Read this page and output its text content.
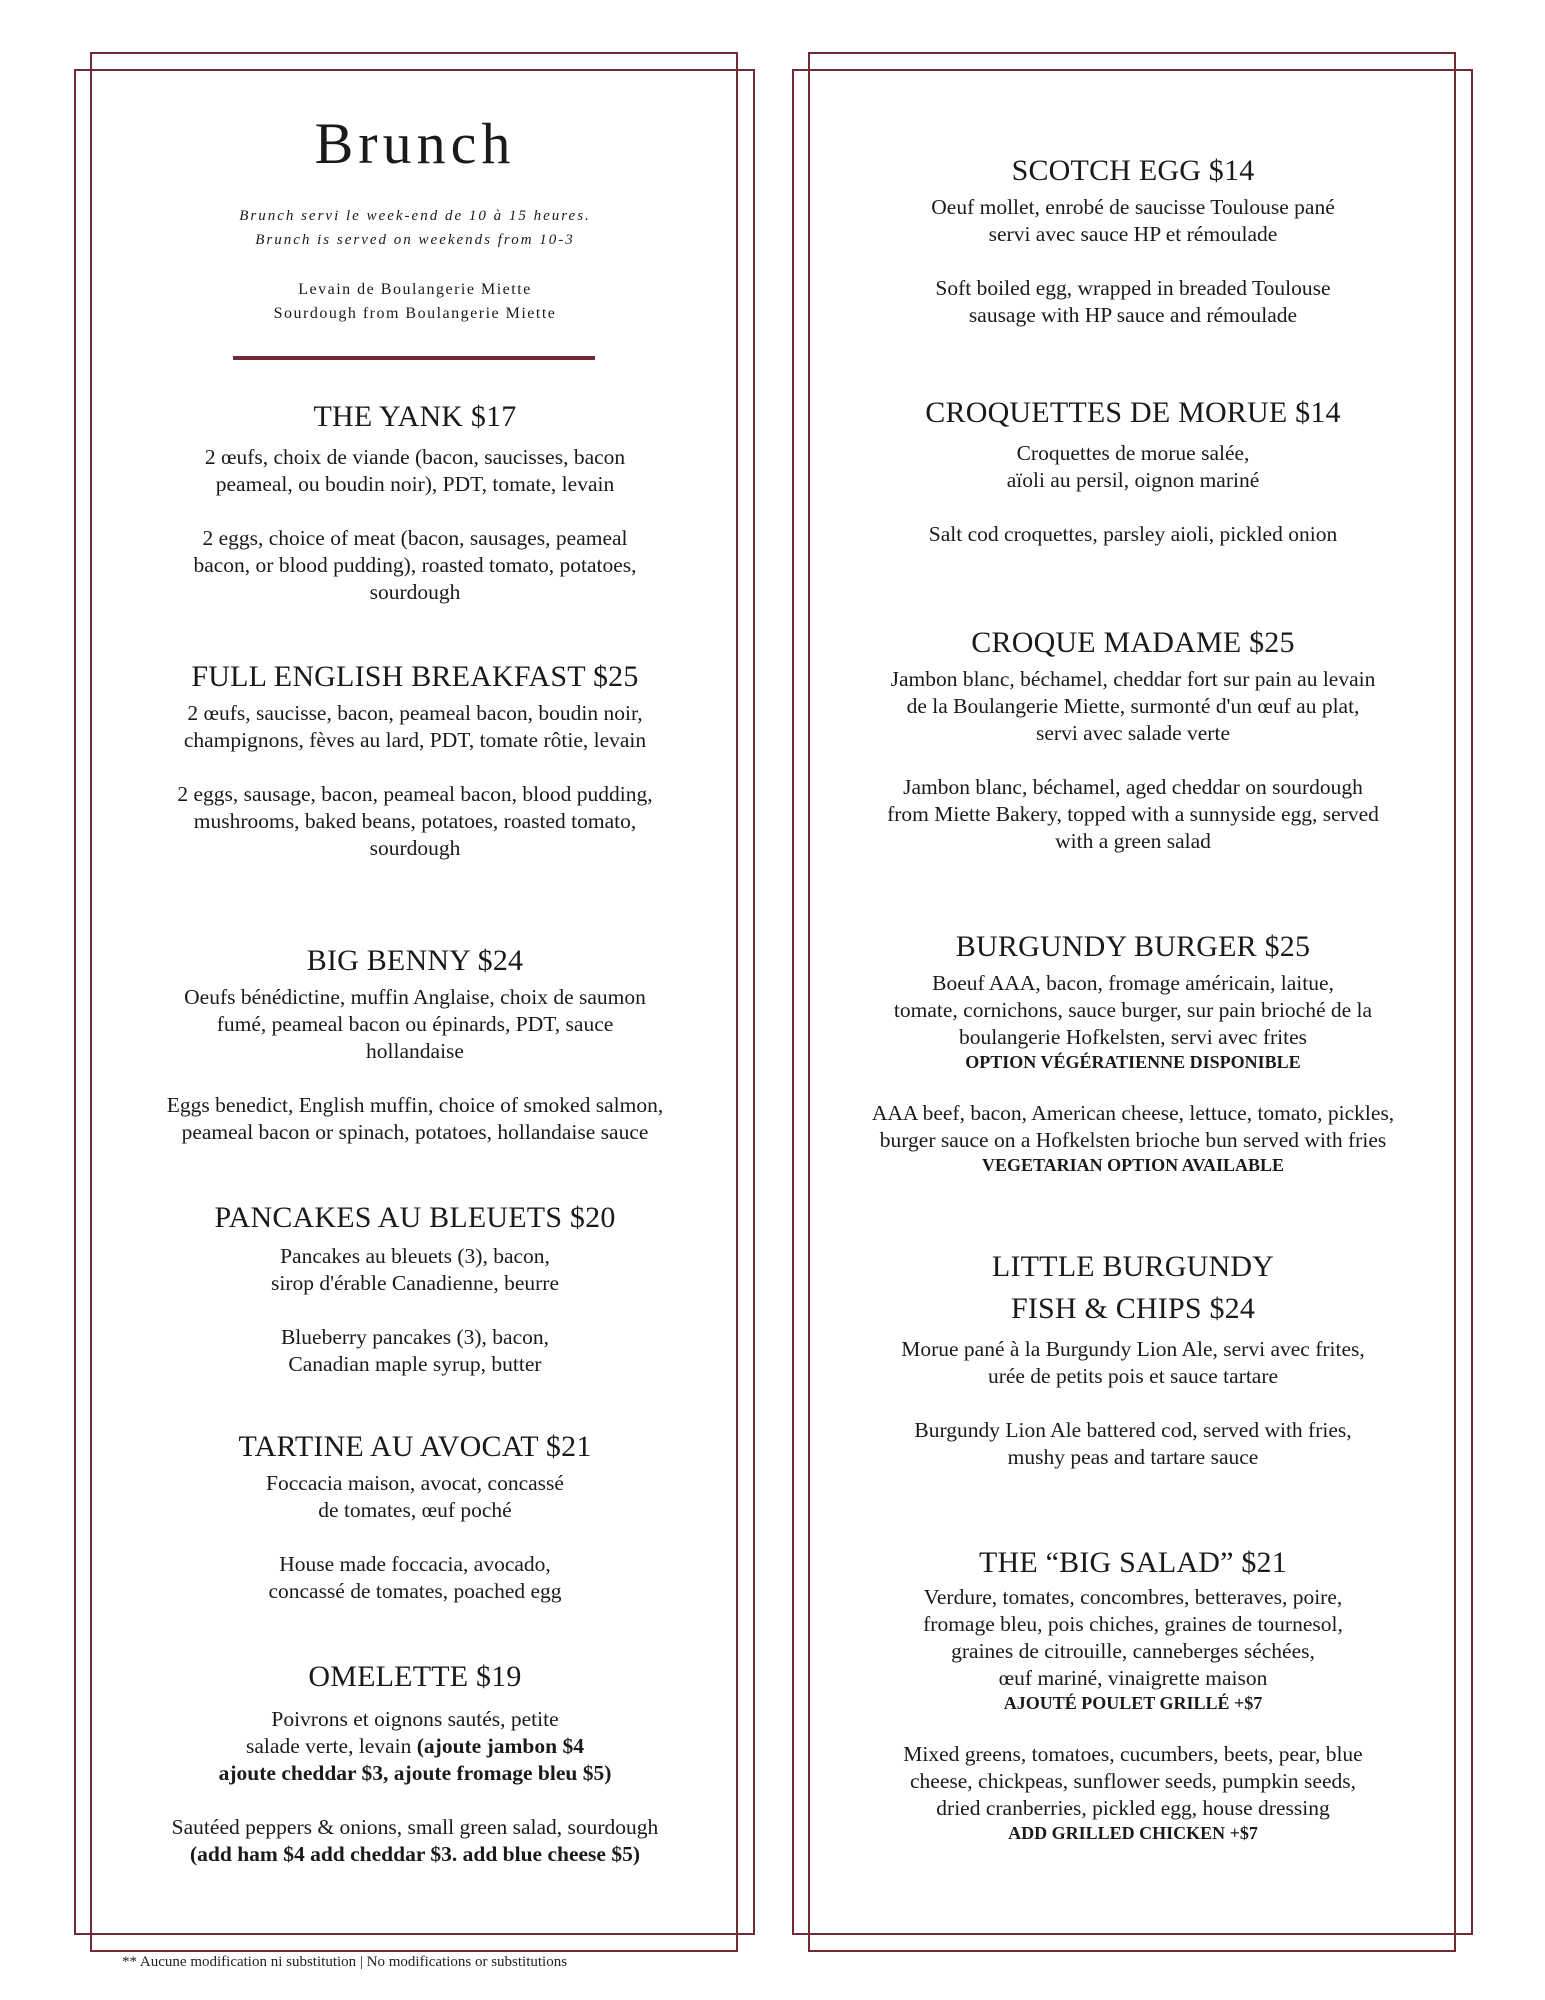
Brunch
Brunch servi le week-end de 10 à 15 heures.
Brunch is served on weekends from 10-3
Levain de Boulangerie Miette
Sourdough from Boulangerie Miette
THE YANK $17

2 œufs, choix de viande (bacon, saucisses, bacon
peameal, ou boudin noir), PDT, tomate, levain

2 eggs, choice of meat (bacon, sausages, peameal
bacon, or blood pudding), roasted tomato, potatoes,
sourdough

FULL ENGLISH BREAKFAST $25

2 œufs, saucisse, bacon, peameal bacon, boudin noir,
champignons, fèves au lard, PDT, tomate rôtie, levain

2 eggs, sausage, bacon, peameal bacon, blood pudding,
mushrooms, baked beans, potatoes, roasted tomato,
sourdough

BIG BENNY $24

Oeufs bénédictine, muffin Anglaise, choix de saumon
fumé, peameal bacon ou épinards, PDT, sauce
hollandaise

Eggs benedict, English muffin, choice of smoked salmon,
peameal bacon or spinach, potatoes, hollandaise sauce

PANCAKES AU BLEUETS $20

Pancakes au bleuets (3), bacon,
sirop d'érable Canadienne, beurre

Blueberry pancakes (3), bacon,
Canadian maple syrup, butter

TARTINE AU AVOCAT $21

Foccacia maison, avocat, concassé
de tomates, œuf poché

House made foccacia, avocado,
concassé de tomates, poached egg

OMELETTE $19

Poivrons et oignons sautés, petite
salade verte, levain (ajoute jambon $4
ajoute cheddar $3, ajoute fromage bleu $5)

Sautéed peppers & onions, small green salad, sourdough
(add ham $4 add cheddar $3. add blue cheese $5)

SCOTCH EGG $14

Oeuf mollet, enrobé de saucisse Toulouse pané
servi avec sauce HP et rémoulade

Soft boiled egg, wrapped in breaded Toulouse
sausage with HP sauce and rémoulade

CROQUETTES DE MORUE $14

Croquettes de morue salée,
aïoli au persil, oignon mariné

Salt cod croquettes, parsley aioli, pickled onion

CROQUE MADAME $25

Jambon blanc, béchamel, cheddar fort sur pain au levain
de la Boulangerie Miette, surmonté d'un œuf au plat,
servi avec salade verte

Jambon blanc, béchamel, aged cheddar on sourdough
from Miette Bakery, topped with a sunnyside egg, served
with a green salad

BURGUNDY BURGER $25

Boeuf AAA, bacon, fromage américain, laitue,
tomate, cornichons, sauce burger, sur pain brioché de la
boulangerie Hofkelsten, servi avec frites

OPTION VÉGÉRATIENNE DISPONIBLE

AAA beef, bacon, American cheese, lettuce, tomato, pickles,
burger sauce on a Hofkelsten brioche bun served with fries

VEGETARIAN OPTION AVAILABLE
LITTLE BURGUNDY
FISH & CHIPS $24

Morue pané à la Burgundy Lion Ale, servi avec frites,
urée de petits pois et sauce tartare

Burgundy Lion Ale battered cod, served with fries,
mushy peas and tartare sauce

THE “BIG SALAD” $21

Verdure, tomates, concombres, betteraves, poire,
fromage bleu, pois chiches, graines de tournesol,
graines de citrouille, canneberges séchées,
œuf mariné, vinaigrette maison

AJOUTÉ POULET GRILLÉ +$7

Mixed greens, tomatoes, cucumbers, beets, pear, blue
cheese, chickpeas, sunflower seeds, pumpkin seeds,
dried cranberries, pickled egg, house dressing

ADD GRILLED CHICKEN +$7
** Aucune modification ni substitution | No modifications or substitutions
